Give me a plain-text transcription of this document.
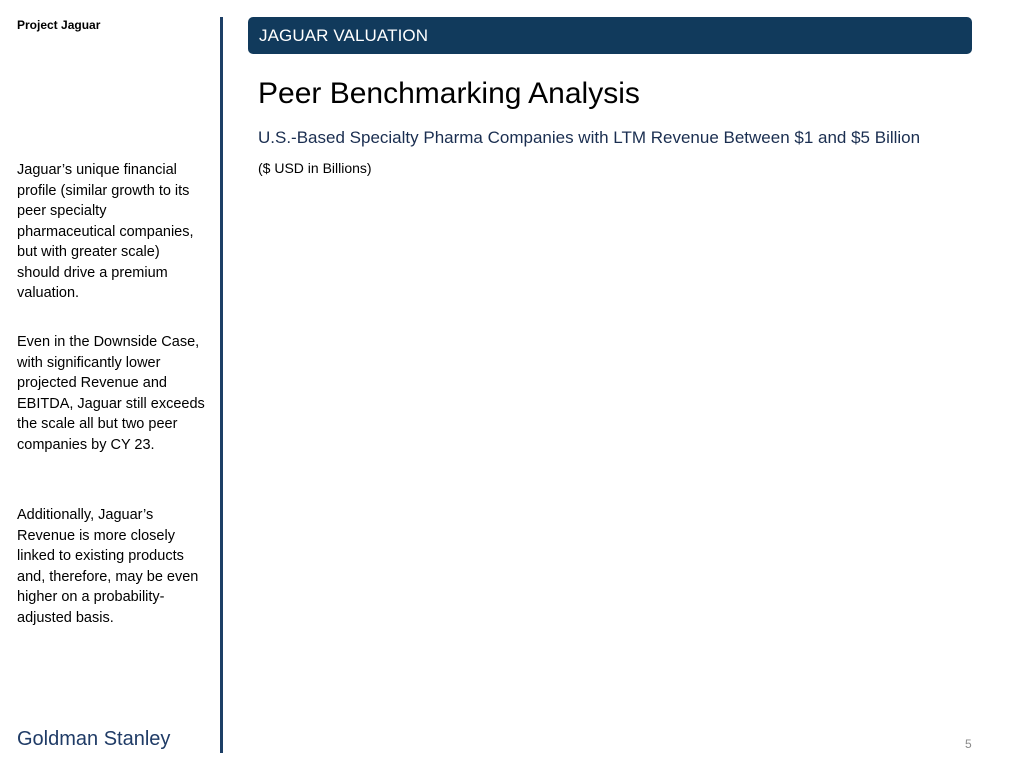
Project Jaguar
Jaguar’s unique financial profile (similar growth to its peer specialty pharmaceutical companies, but with greater scale) should drive a premium valuation.
Even in the Downside Case, with significantly lower projected Revenue and EBITDA, Jaguar still exceeds the scale all but two peer companies by CY 23.
Additionally, Jaguar’s Revenue is more closely linked to existing products and, therefore, may be even higher on a probability-adjusted basis.
Goldman Stanley
JAGUAR VALUATION
Peer Benchmarking Analysis
U.S.-Based Specialty Pharma Companies with LTM Revenue Between $1 and $5 Billion
($ USD in Billions)
5
